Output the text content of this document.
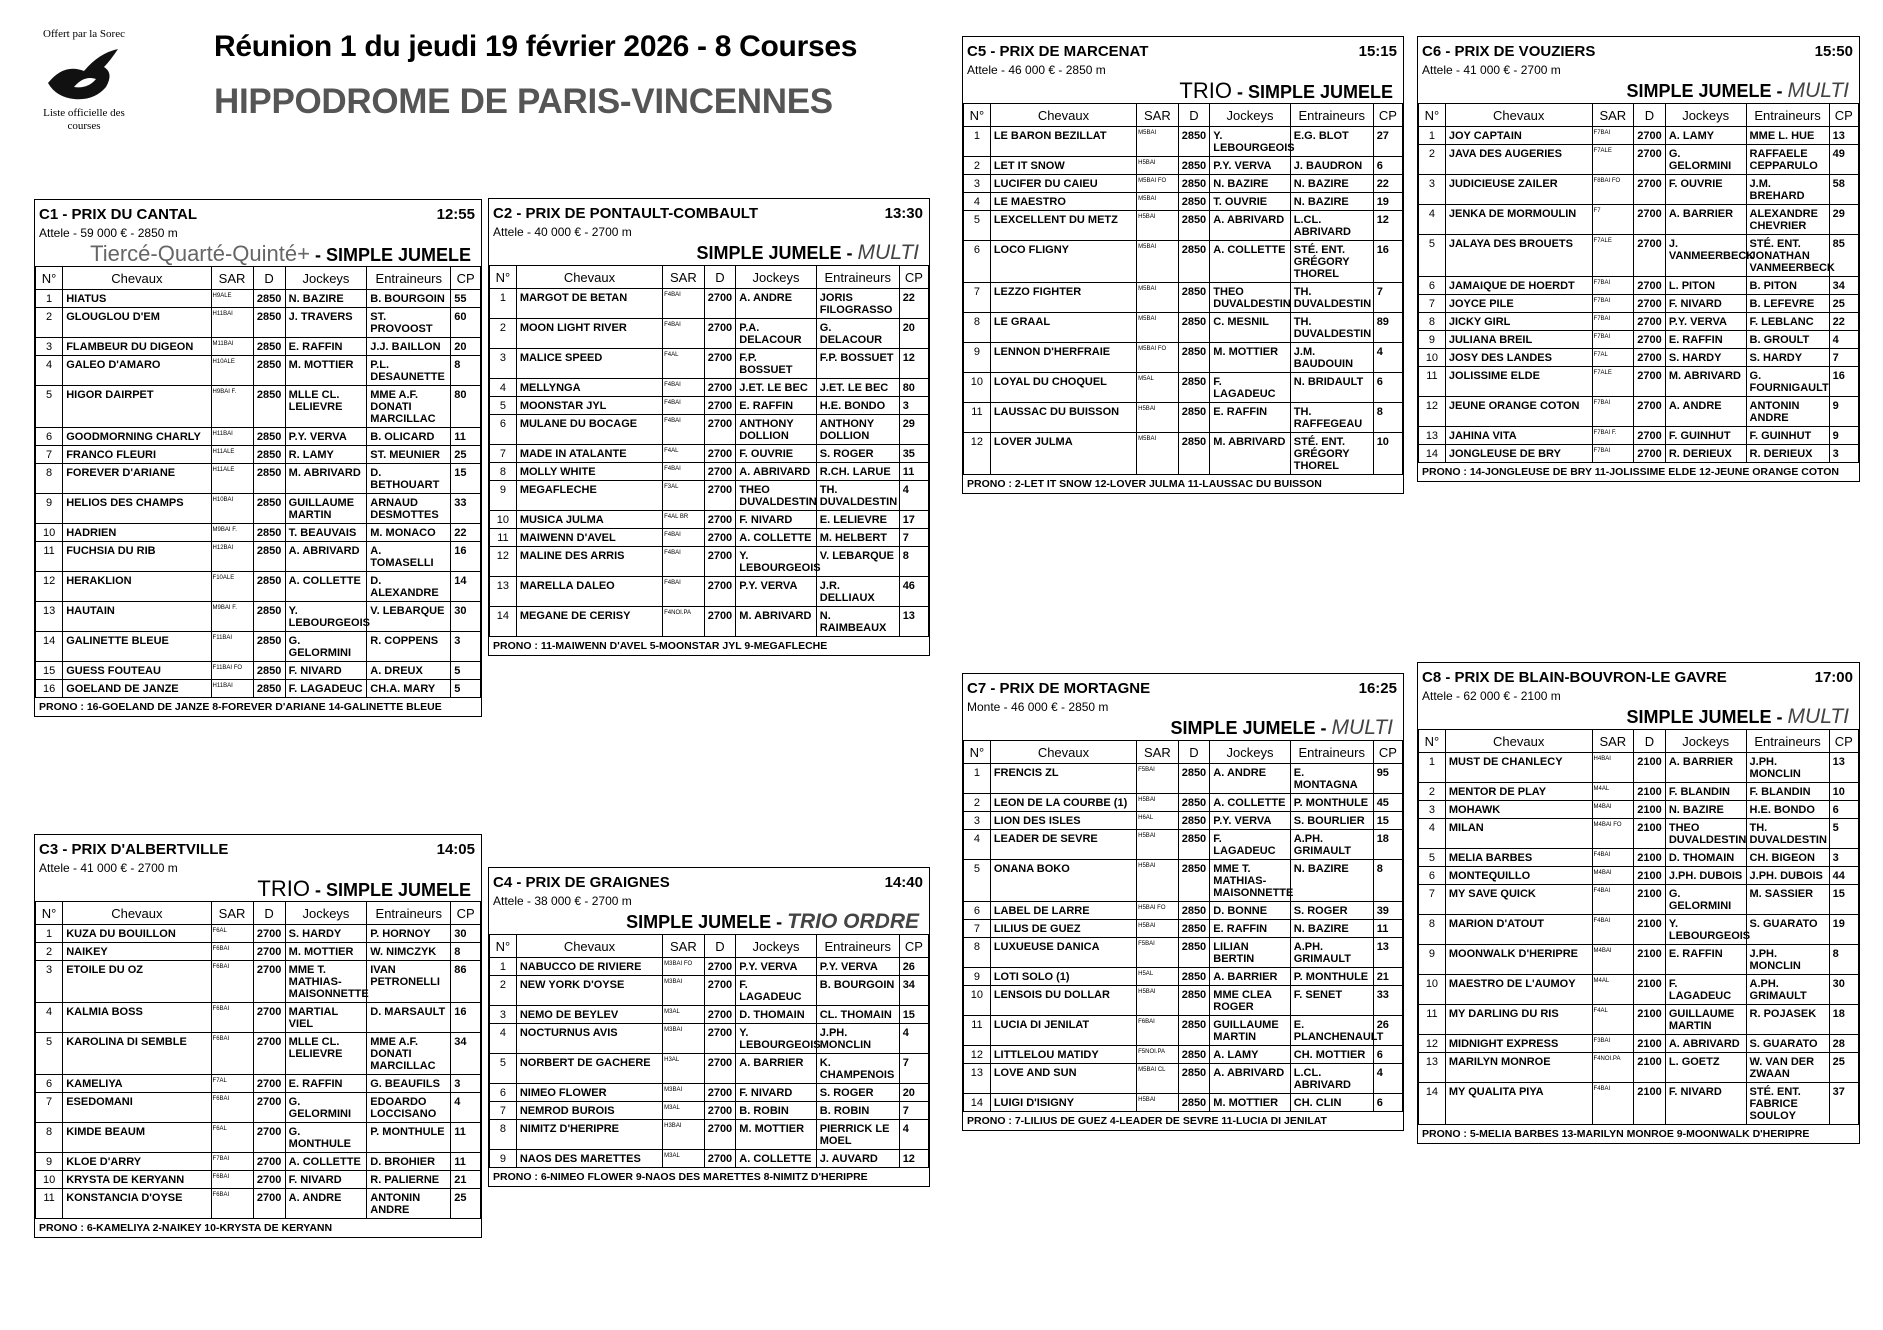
Offert par la Sorec
Liste officielle des courses
Réunion 1 du jeudi 19 février 2026 - 8 Courses
HIPPODROME DE PARIS-VINCENNES
C1 - PRIX DU CANTAL	12:55
Attele - 59 000 € - 2850 m
Tiercé-Quarté-Quinté+ - SIMPLE JUMELE
N°	Chevaux	SAR	D	Jockeys	Entraineurs	CP
1	HIATUS	H9ALE	2850	N. BAZIRE	B. BOURGOIN	55
2	GLOUGLOU D'EM	H11BAI	2850	J. TRAVERS	ST. PROVOOST	60
3	FLAMBEUR DU DIGEON	M11BAI	2850	E. RAFFIN	J.J. BAILLON	20
4	GALEO D'AMARO	H10ALE	2850	M. MOTTIER	P.L. DESAUNETTE	8
5	HIGOR DAIRPET	H9BAI F.	2850	MLLE CL. LELIEVRE	MME A.F. DONATI MARCILLAC	80
6	GOODMORNING CHARLY	H11BAI	2850	P.Y. VERVA	B. OLICARD	11
7	FRANCO FLEURI	H11ALE	2850	R. LAMY	ST. MEUNIER	25
8	FOREVER D'ARIANE	H11ALE	2850	M. ABRIVARD	D. BETHOUART	15
9	HELIOS DES CHAMPS	H10BAI	2850	GUILLAUME MARTIN	ARNAUD DESMOTTES	33
10	HADRIEN	M9BAI F.	2850	T. BEAUVAIS	M. MONACO	22
11	FUCHSIA DU RIB	H12BAI	2850	A. ABRIVARD	A. TOMASELLI	16
12	HERAKLION	F10ALE	2850	A. COLLETTE	D. ALEXANDRE	14
13	HAUTAIN	M9BAI F.	2850	Y. LEBOURGEOIS	V. LEBARQUE	30
14	GALINETTE BLEUE	F11BAI	2850	G. GELORMINI	R. COPPENS	3
15	GUESS FOUTEAU	F11BAI FO	2850	F. NIVARD	A. DREUX	5
16	GOELAND DE JANZE	H11BAI	2850	F. LAGADEUC	CH.A. MARY	5
PRONO : 16-GOELAND DE JANZE 8-FOREVER D'ARIANE 14-GALINETTE BLEUE
C2 - PRIX DE PONTAULT-COMBAULT	13:30
Attele - 40 000 € - 2700 m
SIMPLE JUMELE - MULTI
N°	Chevaux	SAR	D	Jockeys	Entraineurs	CP
1	MARGOT DE BETAN	F4BAI	2700	A. ANDRE	JORIS FILOGRASSO	22
2	MOON LIGHT RIVER	F4BAI	2700	P.A. DELACOUR	G. DELACOUR	20
3	MALICE SPEED	F4AL	2700	F.P. BOSSUET	F.P. BOSSUET	12
4	MELLYNGA	F4BAI	2700	J.ET. LE BEC	J.ET. LE BEC	80
5	MOONSTAR JYL	F4BAI	2700	E. RAFFIN	H.E. BONDO	3
6	MULANE DU BOCAGE	F4BAI	2700	ANTHONY DOLLION	ANTHONY DOLLION	29
7	MADE IN ATALANTE	F4AL	2700	F. OUVRIE	S. ROGER	35
8	MOLLY WHITE	F4BAI	2700	A. ABRIVARD	R.CH. LARUE	11
9	MEGAFLECHE	F3AL	2700	THEO DUVALDESTIN	TH. DUVALDESTIN	4
10	MUSICA JULMA	F4AL BR	2700	F. NIVARD	E. LELIEVRE	17
11	MAIWENN D'AVEL	F4BAI	2700	A. COLLETTE	M. HELBERT	7
12	MALINE DES ARRIS	F4BAI	2700	Y. LEBOURGEOIS	V. LEBARQUE	8
13	MARELLA DALEO	F4BAI	2700	P.Y. VERVA	J.R. DELLIAUX	46
14	MEGANE DE CERISY	F4NOI.PA	2700	M. ABRIVARD	N. RAIMBEAUX	13
PRONO : 11-MAIWENN D'AVEL 5-MOONSTAR JYL 9-MEGAFLECHE
C3 - PRIX D'ALBERTVILLE	14:05
Attele - 41 000 € - 2700 m
TRIO - SIMPLE JUMELE
N°	Chevaux	SAR	D	Jockeys	Entraineurs	CP
1	KUZA DU BOUILLON	F6AL	2700	S. HARDY	P. HORNOY	30
2	NAIKEY	F6BAI	2700	M. MOTTIER	W. NIMCZYK	8
3	ETOILE DU OZ	F6BAI	2700	MME T. MATHIAS-MAISONNETTE	IVAN PETRONELLI	86
4	KALMIA BOSS	F6BAI	2700	MARTIAL VIEL	D. MARSAULT	16
5	KAROLINA DI SEMBLE	F6BAI	2700	MLLE CL. LELIEVRE	MME A.F. DONATI MARCILLAC	34
6	KAMELIYA	F7AL	2700	E. RAFFIN	G. BEAUFILS	3
7	ESEDOMANI	F6BAI	2700	G. GELORMINI	EDOARDO LOCCISANO	4
8	KIMDE BEAUM	F6AL	2700	G. MONTHULE	P. MONTHULE	11
9	KLOE D'ARRY	F7BAI	2700	A. COLLETTE	D. BROHIER	11
10	KRYSTA DE KERYANN	F6BAI	2700	F. NIVARD	R. PALIERNE	21
11	KONSTANCIA D'OYSE	F6BAI	2700	A. ANDRE	ANTONIN ANDRE	25
PRONO : 6-KAMELIYA 2-NAIKEY 10-KRYSTA DE KERYANN
C4 - PRIX DE GRAIGNES	14:40
Attele - 38 000 € - 2700 m
SIMPLE JUMELE - TRIO ORDRE
N°	Chevaux	SAR	D	Jockeys	Entraineurs	CP
1	NABUCCO DE RIVIERE	M3BAI FO	2700	P.Y. VERVA	P.Y. VERVA	26
2	NEW YORK D'OYSE	M3BAI	2700	F. LAGADEUC	B. BOURGOIN	34
3	NEMO DE BEYLEV	M3AL	2700	D. THOMAIN	CL. THOMAIN	15
4	NOCTURNUS AVIS	M3BAI	2700	Y. LEBOURGEOIS	J.PH. MONCLIN	4
5	NORBERT DE GACHERE	H3AL	2700	A. BARRIER	K. CHAMPENOIS	7
6	NIMEO FLOWER	M3BAI	2700	F. NIVARD	S. ROGER	20
7	NEMROD BUROIS	M3AL	2700	B. ROBIN	B. ROBIN	7
8	NIMITZ D'HERIPRE	H3BAI	2700	M. MOTTIER	PIERRICK LE MOEL	4
9	NAOS DES MARETTES	M3AL	2700	A. COLLETTE	J. AUVARD	12
PRONO : 6-NIMEO FLOWER 9-NAOS DES MARETTES 8-NIMITZ D'HERIPRE
C5 - PRIX DE MARCENAT	15:15
Attele - 46 000 € - 2850 m
TRIO - SIMPLE JUMELE
N°	Chevaux	SAR	D	Jockeys	Entraineurs	CP
1	LE BARON BEZILLAT	M5BAI	2850	Y. LEBOURGEOIS	E.G. BLOT	27
2	LET IT SNOW	H5BAI	2850	P.Y. VERVA	J. BAUDRON	6
3	LUCIFER DU CAIEU	M5BAI FO	2850	N. BAZIRE	N. BAZIRE	22
4	LE MAESTRO	M5BAI	2850	T. OUVRIE	N. BAZIRE	19
5	LEXCELLENT DU METZ	H5BAI	2850	A. ABRIVARD	L.CL. ABRIVARD	12
6	LOCO FLIGNY	M5BAI	2850	A. COLLETTE	STÉ. ENT. GRÉGORY THOREL	16
7	LEZZO FIGHTER	M5BAI	2850	THEO DUVALDESTIN	TH. DUVALDESTIN	7
8	LE GRAAL	M5BAI	2850	C. MESNIL	TH. DUVALDESTIN	89
9	LENNON D'HERFRAIE	M5BAI FO	2850	M. MOTTIER	J.M. BAUDOUIN	4
10	LOYAL DU CHOQUEL	M5AL	2850	F. LAGADEUC	N. BRIDAULT	6
11	LAUSSAC DU BUISSON	H5BAI	2850	E. RAFFIN	TH. RAFFEGEAU	8
12	LOVER JULMA	M5BAI	2850	M. ABRIVARD	STÉ. ENT. GRÉGORY THOREL	10
PRONO : 2-LET IT SNOW 12-LOVER JULMA 11-LAUSSAC DU BUISSON
C6 - PRIX DE VOUZIERS	15:50
Attele - 41 000 € - 2700 m
SIMPLE JUMELE - MULTI
N°	Chevaux	SAR	D	Jockeys	Entraineurs	CP
1	JOY CAPTAIN	F7BAI	2700	A. LAMY	MME L. HUE	13
2	JAVA DES AUGERIES	F7ALE	2700	G. GELORMINI	RAFFAELE CEPPARULO	49
3	JUDICIEUSE ZAILER	F8BAI FO	2700	F. OUVRIE	J.M. BREHARD	58
4	JENKA DE MORMOULIN	F7	2700	A. BARRIER	ALEXANDRE CHEVRIER	29
5	JALAYA DES BROUETS	F7ALE	2700	J. VANMEERBECK	STÉ. ENT. JONATHAN VANMEERBECK	85
6	JAMAIQUE DE HOERDT	F7BAI	2700	L. PITON	B. PITON	34
7	JOYCE PILE	F7BAI	2700	F. NIVARD	B. LEFEVRE	25
8	JICKY GIRL	F7BAI	2700	P.Y. VERVA	F. LEBLANC	22
9	JULIANA BREIL	F7BAI	2700	E. RAFFIN	B. GROULT	4
10	JOSY DES LANDES	F7AL	2700	S. HARDY	S. HARDY	7
11	JOLISSIME ELDE	F7ALE	2700	M. ABRIVARD	G. FOURNIGAULT	16
12	JEUNE ORANGE COTON	F7BAI	2700	A. ANDRE	ANTONIN ANDRE	9
13	JAHINA VITA	F7BAI F.	2700	F. GUINHUT	F. GUINHUT	9
14	JONGLEUSE DE BRY	F7BAI	2700	R. DERIEUX	R. DERIEUX	3
PRONO : 14-JONGLEUSE DE BRY 11-JOLISSIME ELDE 12-JEUNE ORANGE COTON
C7 - PRIX DE MORTAGNE	16:25
Monte - 46 000 € - 2850 m
SIMPLE JUMELE - MULTI
N°	Chevaux	SAR	D	Jockeys	Entraineurs	CP
1	FRENCIS ZL	F5BAI	2850	A. ANDRE	E. MONTAGNA	95
2	LEON DE LA COURBE (1)	H5BAI	2850	A. COLLETTE	P. MONTHULE	45
3	LION DES ISLES	H6AL	2850	P.Y. VERVA	S. BOURLIER	15
4	LEADER DE SEVRE	H5BAI	2850	F. LAGADEUC	A.PH. GRIMAULT	18
5	ONANA BOKO	H5BAI	2850	MME T. MATHIAS-MAISONNETTE	N. BAZIRE	8
6	LABEL DE LARRE	H5BAI FO	2850	D. BONNE	S. ROGER	39
7	LILIUS DE GUEZ	H5BAI	2850	E. RAFFIN	N. BAZIRE	11
8	LUXUEUSE DANICA	F5BAI	2850	LILIAN BERTIN	A.PH. GRIMAULT	13
9	LOTI SOLO (1)	H5AL	2850	A. BARRIER	P. MONTHULE	21
10	LENSOIS DU DOLLAR	H5BAI	2850	MME CLEA ROGER	F. SENET	33
11	LUCIA DI JENILAT	F6BAI	2850	GUILLAUME MARTIN	E. PLANCHENAULT	26
12	LITTLELOU MATIDY	F5NOI.PA	2850	A. LAMY	CH. MOTTIER	6
13	LOVE AND SUN	M5BAI CL	2850	A. ABRIVARD	L.CL. ABRIVARD	4
14	LUIGI D'ISIGNY	H5BAI	2850	M. MOTTIER	CH. CLIN	6
PRONO : 7-LILIUS DE GUEZ 4-LEADER DE SEVRE 11-LUCIA DI JENILAT
C8 - PRIX DE BLAIN-BOUVRON-LE GAVRE	17:00
Attele - 62 000 € - 2100 m
SIMPLE JUMELE - MULTI
N°	Chevaux	SAR	D	Jockeys	Entraineurs	CP
1	MUST DE CHANLECY	H4BAI	2100	A. BARRIER	J.PH. MONCLIN	13
2	MENTOR DE PLAY	M4AL	2100	F. BLANDIN	F. BLANDIN	10
3	MOHAWK	M4BAI	2100	N. BAZIRE	H.E. BONDO	6
4	MILAN	M4BAI FO	2100	THEO DUVALDESTIN	TH. DUVALDESTIN	5
5	MELIA BARBES	F4BAI	2100	D. THOMAIN	CH. BIGEON	3
6	MONTEQUILLO	M4BAI	2100	J.PH. DUBOIS	J.PH. DUBOIS	44
7	MY SAVE QUICK	F4BAI	2100	G. GELORMINI	M. SASSIER	15
8	MARION D'ATOUT	F4BAI	2100	Y. LEBOURGEOIS	S. GUARATO	19
9	MOONWALK D'HERIPRE	M4BAI	2100	E. RAFFIN	J.PH. MONCLIN	8
10	MAESTRO DE L'AUMOY	M4AL	2100	F. LAGADEUC	A.PH. GRIMAULT	30
11	MY DARLING DU RIS	F4AL	2100	GUILLAUME MARTIN	R. POJASEK	18
12	MIDNIGHT EXPRESS	F3BAI	2100	A. ABRIVARD	S. GUARATO	28
13	MARILYN MONROE	F4NOI.PA	2100	L. GOETZ	W. VAN DER ZWAAN	25
14	MY QUALITA PIYA	F4BAI	2100	F. NIVARD	STÉ. ENT. FABRICE SOULOY	37
PRONO : 5-MELIA BARBES 13-MARILYN MONROE 9-MOONWALK D'HERIPRE
